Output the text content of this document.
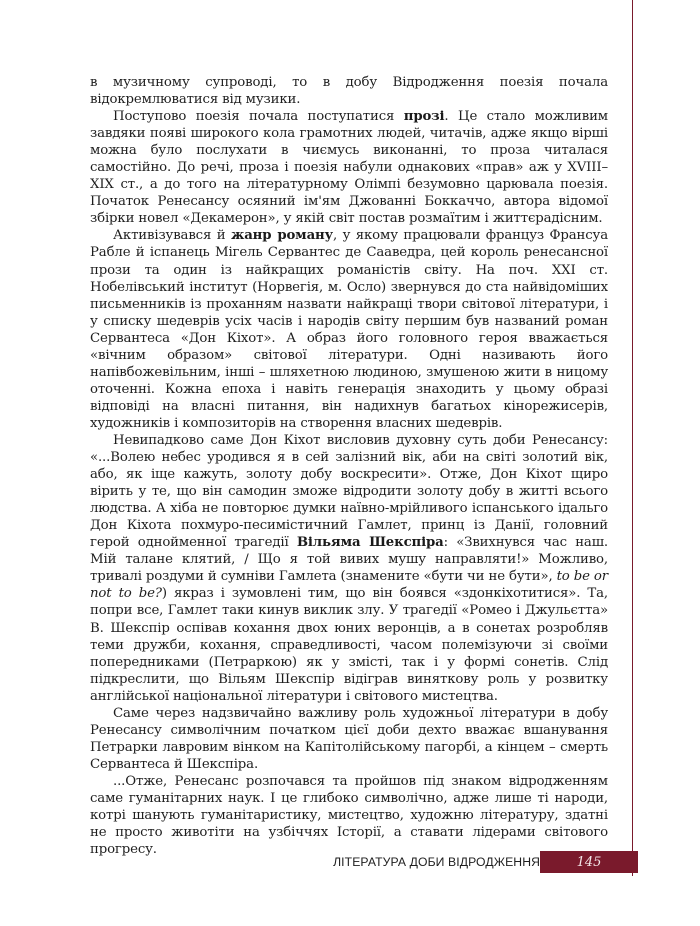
в музичному супроводі, то в добу Відродження поезія почала відокремлюватися від музики.

Поступово поезія почала поступатися прозі. Це стало можливим завдяки появі широкого кола грамотних людей, читачів, адже якщо вірші можна було послухати в чиємусь виконанні, то проза читалася самостійно. До речі, проза і поезія набули однакових «прав» аж у XVIII–XIX ст., а до того на літературному Олімпі безумовно царювала поезія. Початок Ренесансу осяяний ім'ям Джованні Боккаччо, автора відомої збірки новел «Декамерон», у якій світ постав розмаїтим і життєрадісним.

Активізувався й жанр роману, у якому працювали француз Франсуа Рабле й іспанець Мігель Сервантес де Сааведра, цей король ренесансної прози та один із найкращих романістів світу. На поч. XXI ст. Нобелівський інститут (Норвегія, м. Осло) звернувся до ста найвідоміших письменників із проханням назвати найкращі твори світової літератури, і у списку шедеврів усіх часів і народів світу першим був названий роман Сервантеса «Дон Кіхот». А образ його головного героя вважається «вічним образом» світової літератури. Одні називають його напівбожевільним, інші – шляхетною людиною, змушеною жити в ницому оточенні. Кожна епоха і навіть генерація знаходить у цьому образі відповіді на власні питання, він надихнув багатьох кінорежисерів, художників і композиторів на створення власних шедеврів.

Невипадково саме Дон Кіхот висловив духовну суть доби Ренесансу: «...Волею небес уродився я в сей залізний вік, аби на світі золотий вік, або, як іще кажуть, золоту добу воскресити». Отже, Дон Кіхот щиро вірить у те, що він самодин зможе відродити золоту добу в житті всього людства. А хіба не повторює думки наївно-мрійливого іспанського ідальго Дон Кіхота похмуро-песимістичний Гамлет, принц із Данії, головний герой однойменної трагедії Вільяма Шекспіра: «Звихнувся час наш. Мій талане клятий, / Що я той вивих мушу направляти!» Можливо, тривалі роздуми й сумніви Гамлета (знамените «бути чи не бути», to be or not to be?) якраз і зумовлені тим, що він боявся «здонкіхотитися». Та, попри все, Гамлет таки кинув виклик злу. У трагедії «Ромео і Джульєтта» В. Шекспір оспівав кохання двох юних веронців, а в сонетах розробляв теми дружби, кохання, справедливості, часом полемізуючи зі своїми попередниками (Петраркою) як у змісті, так і у формі сонетів. Слід підкреслити, що Вільям Шекспір відіграв виняткову роль у розвитку англійської національної літератури і світового мистецтва.

Саме через надзвичайно важливу роль художньої літератури в добу Ренесансу символічним початком цієї доби дехто вважає вшанування Петрарки лавровим вінком на Капітолійському пагорбі, а кінцем – смерть Сервантеса й Шекспіра.

...Отже, Ренесанс розпочався та пройшов під знаком відродженням саме гуманітарних наук. І це глибоко символічно, адже лише ті народи, котрі шанують гуманітаристику, мистецтво, художню літературу, здатні не просто животіти на узбіччях Історії, а ставати лідерами світового прогресу.

ЛІТЕРАТУРА ДОБИ ВІДРОДЖЕННЯ	145
